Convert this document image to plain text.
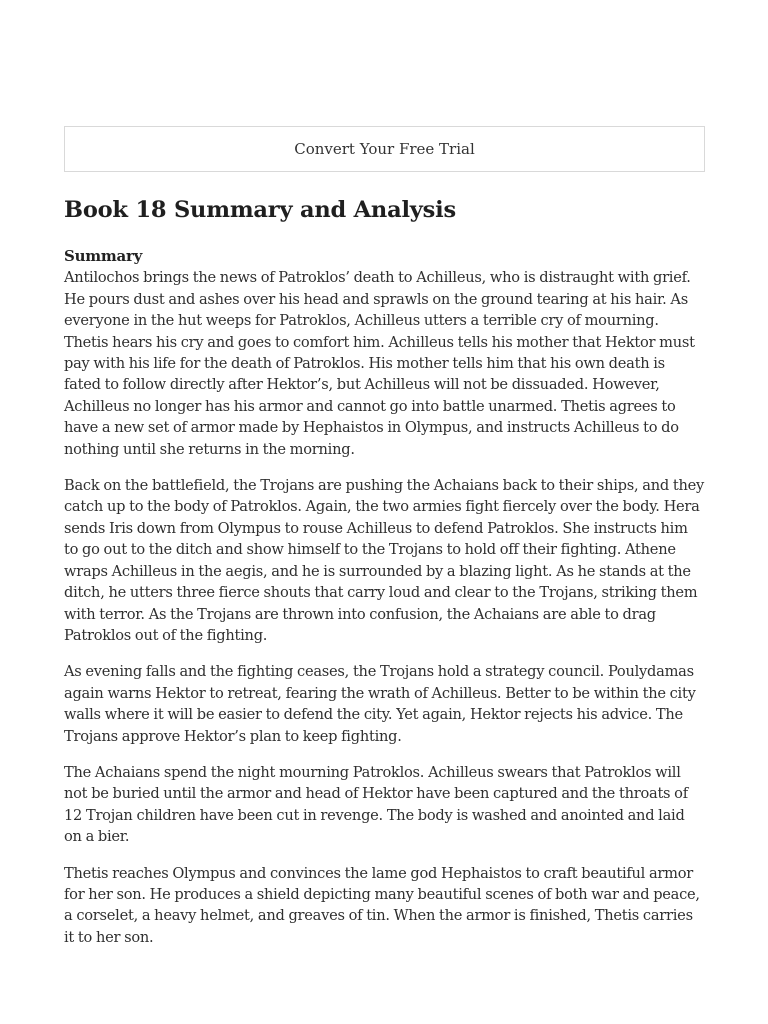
Convert Your Free Trial
Book 18 Summary and Analysis

Summary
Antilochos brings the news of Patroklos’ death to Achilleus, who is distraught with grief. He pours dust and ashes over his head and sprawls on the ground tearing at his hair. As everyone in the hut weeps for Patroklos, Achilleus utters a terrible cry of mourning. Thetis hears his cry and goes to comfort him. Achilleus tells his mother that Hektor must pay with his life for the death of Patroklos. His mother tells him that his own death is fated to follow directly after Hektor’s, but Achilleus will not be dissuaded. However, Achilleus no longer has his armor and cannot go into battle unarmed. Thetis agrees to have a new set of armor made by Hephaistos in Olympus, and instructs Achilleus to do nothing until she returns in the morning.

Back on the battlefield, the Trojans are pushing the Achaians back to their ships, and they catch up to the body of Patroklos. Again, the two armies fight fiercely over the body. Hera sends Iris down from Olympus to rouse Achilleus to defend Patroklos. She instructs him to go out to the ditch and show himself to the Trojans to hold off their fighting. Athene wraps Achilleus in the aegis, and he is surrounded by a blazing light. As he stands at the ditch, he utters three fierce shouts that carry loud and clear to the Trojans, striking them with terror. As the Trojans are thrown into confusion, the Achaians are able to drag Patroklos out of the fighting.

As evening falls and the fighting ceases, the Trojans hold a strategy council. Poulydamas again warns Hektor to retreat, fearing the wrath of Achilleus. Better to be within the city walls where it will be easier to defend the city. Yet again, Hektor rejects his advice. The Trojans approve Hektor’s plan to keep fighting.

The Achaians spend the night mourning Patroklos. Achilleus swears that Patroklos will not be buried until the armor and head of Hektor have been captured and the throats of 12 Trojan children have been cut in revenge. The body is washed and anointed and laid on a bier.

Thetis reaches Olympus and convinces the lame god Hephaistos to craft beautiful armor for her son. He produces a shield depicting many beautiful scenes of both war and peace, a corselet, a heavy helmet, and greaves of tin. When the armor is finished, Thetis carries it to her son.
